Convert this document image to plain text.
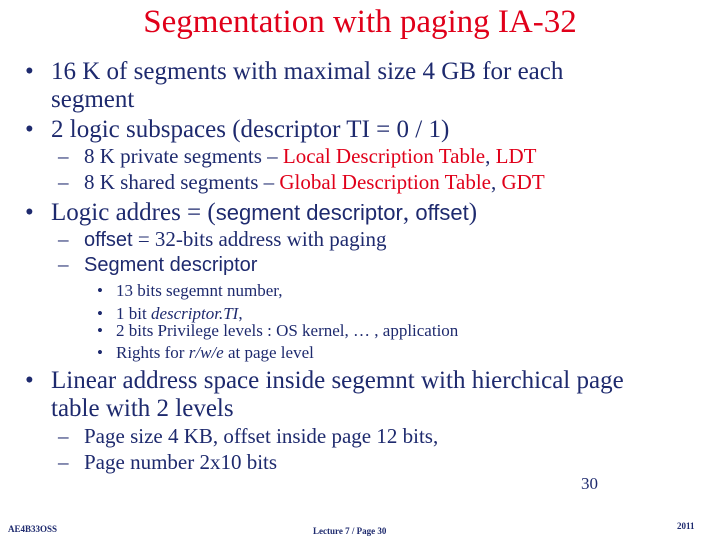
Segmentation with paging IA-32
• 16 K of segments with maximal size 4 GB for each
segment
• 2 logic subspaces (descriptor TI = 0 / 1)
– 8 K private segments – Local Description Table, LDT
– 8 K shared segments – Global Description Table, GDT
• Logic addres = (segment descriptor, offset)
– offset = 32-bits address with paging
– Segment descriptor
• 13 bits segemnt number,
• 1 bit descriptor.TI,
• 2 bits Privilege levels : OS kernel, … , application
• Rights for r/w/e at page level
• Linear address space inside segemnt with hierchical page
table with 2 levels
– Page size 4 KB, offset inside page 12 bits,
– Page number 2x10 bits
30
AE4B33OSS	Lecture 7 / Page 30	2011
